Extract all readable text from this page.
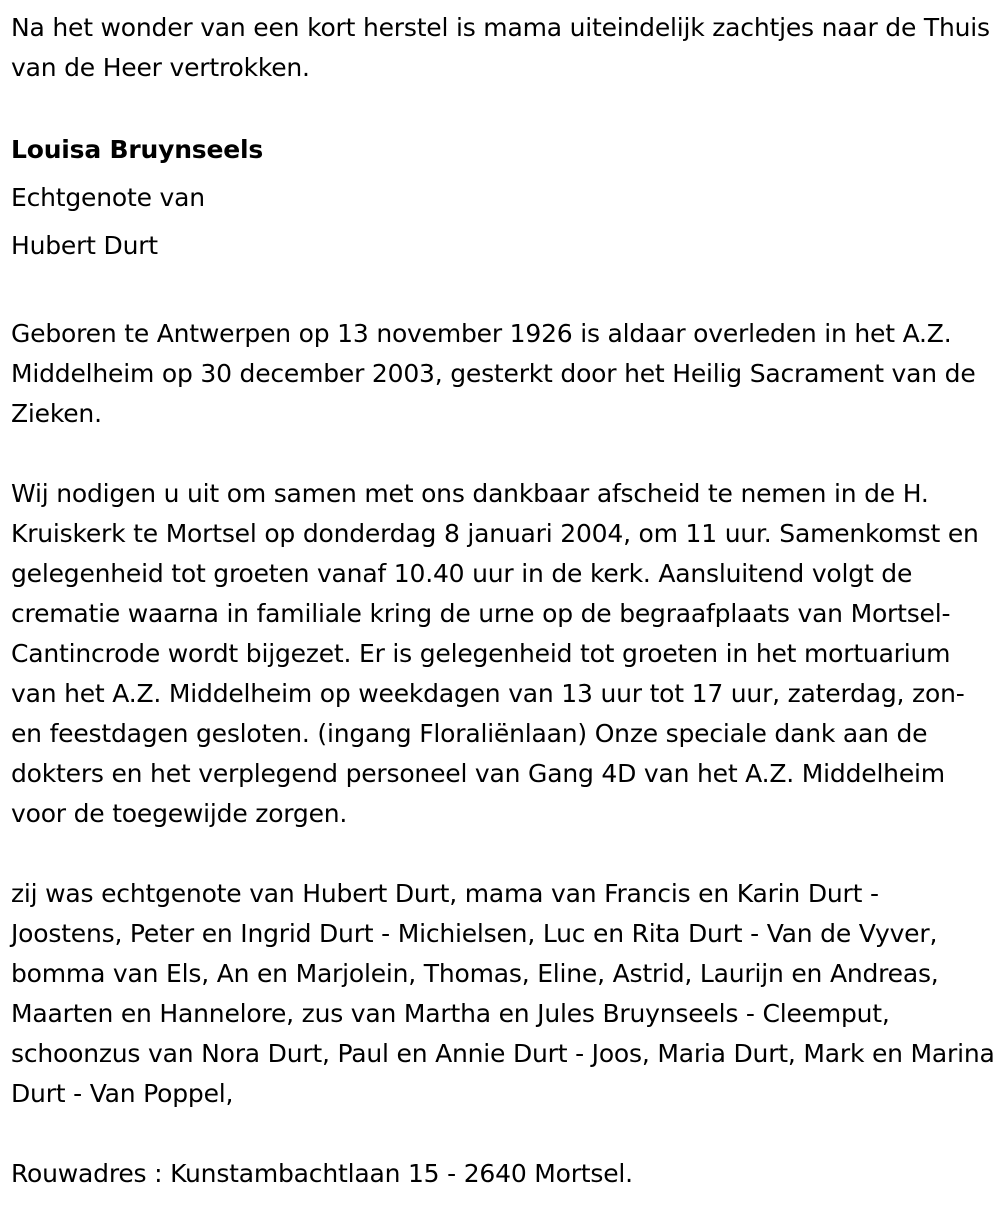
Na het wonder van een kort herstel is mama uiteindelijk zachtjes naar de Thuis van de Heer vertrokken.

Louisa Bruynseels

Echtgenote van

Hubert Durt

Geboren te Antwerpen op 13 november 1926 is aldaar overleden in het A.Z. Middelheim op 30 december 2003, gesterkt door het Heilig Sacrament van de Zieken.

Wij nodigen u uit om samen met ons dankbaar afscheid te nemen in de H. Kruiskerk te Mortsel op donderdag 8 januari 2004, om 11 uur. Samenkomst en gelegenheid tot groeten vanaf 10.40 uur in de kerk. Aansluitend volgt de crematie waarna in familiale kring de urne op de begraafplaats van Mortsel-Cantincrode wordt bijgezet. Er is gelegenheid tot groeten in het mortuarium van het A.Z. Middelheim op weekdagen van 13 uur tot 17 uur, zaterdag, zon- en feestdagen gesloten. (ingang Floraliënlaan) Onze speciale dank aan de dokters en het verplegend personeel van Gang 4D van het A.Z. Middelheim voor de toegewijde zorgen.

zij was echtgenote van Hubert Durt, mama van Francis en Karin Durt - Joostens, Peter en Ingrid Durt - Michielsen, Luc en Rita Durt - Van de Vyver, bomma van Els, An en Marjolein, Thomas, Eline, Astrid, Laurijn en Andreas, Maarten en Hannelore, zus van Martha en Jules Bruynseels - Cleemput, schoonzus van Nora Durt, Paul en Annie Durt - Joos, Maria Durt, Mark en Marina Durt - Van Poppel,

Rouwadres : Kunstambachtlaan 15 - 2640 Mortsel.
